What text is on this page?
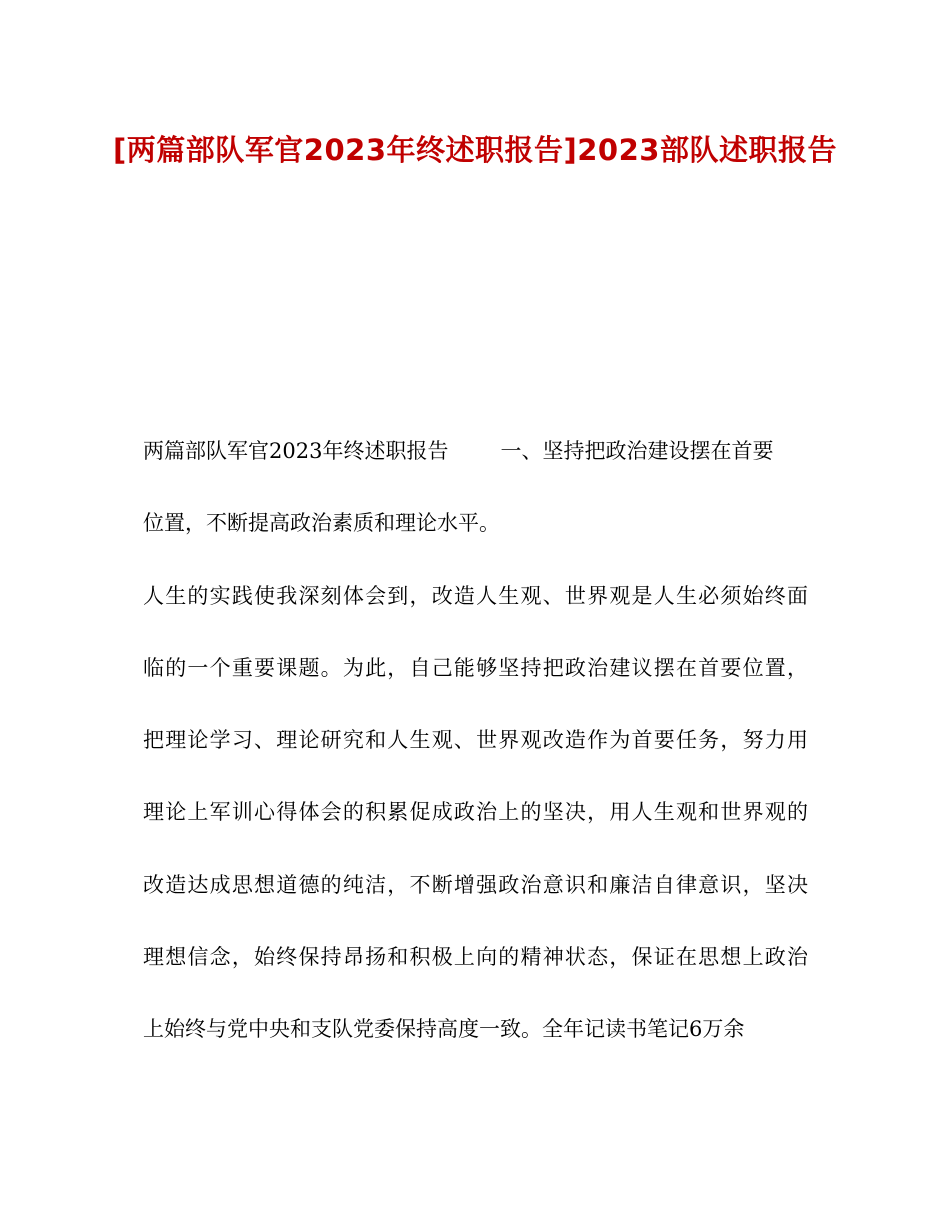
[两篇部队军官2023年终述职报告]2023部队述职报告
两篇部队军官2023年终述职报告 一、坚持把政治建设摆在首要
位置，不断提高政治素质和理论水平。
人生的实践使我深刻体会到，改造人生观、世界观是人生必须始终面
临的一个重要课题。为此，自己能够坚持把政治建议摆在首要位置，
把理论学习、理论研究和人生观、世界观改造作为首要任务，努力用
理论上军训心得体会的积累促成政治上的坚决，用人生观和世界观的
改造达成思想道德的纯洁，不断增强政治意识和廉洁自律意识，坚决
理想信念，始终保持昂扬和积极上向的精神状态，保证在思想上政治
上始终与党中央和支队党委保持高度一致。全年记读书笔记6万余
